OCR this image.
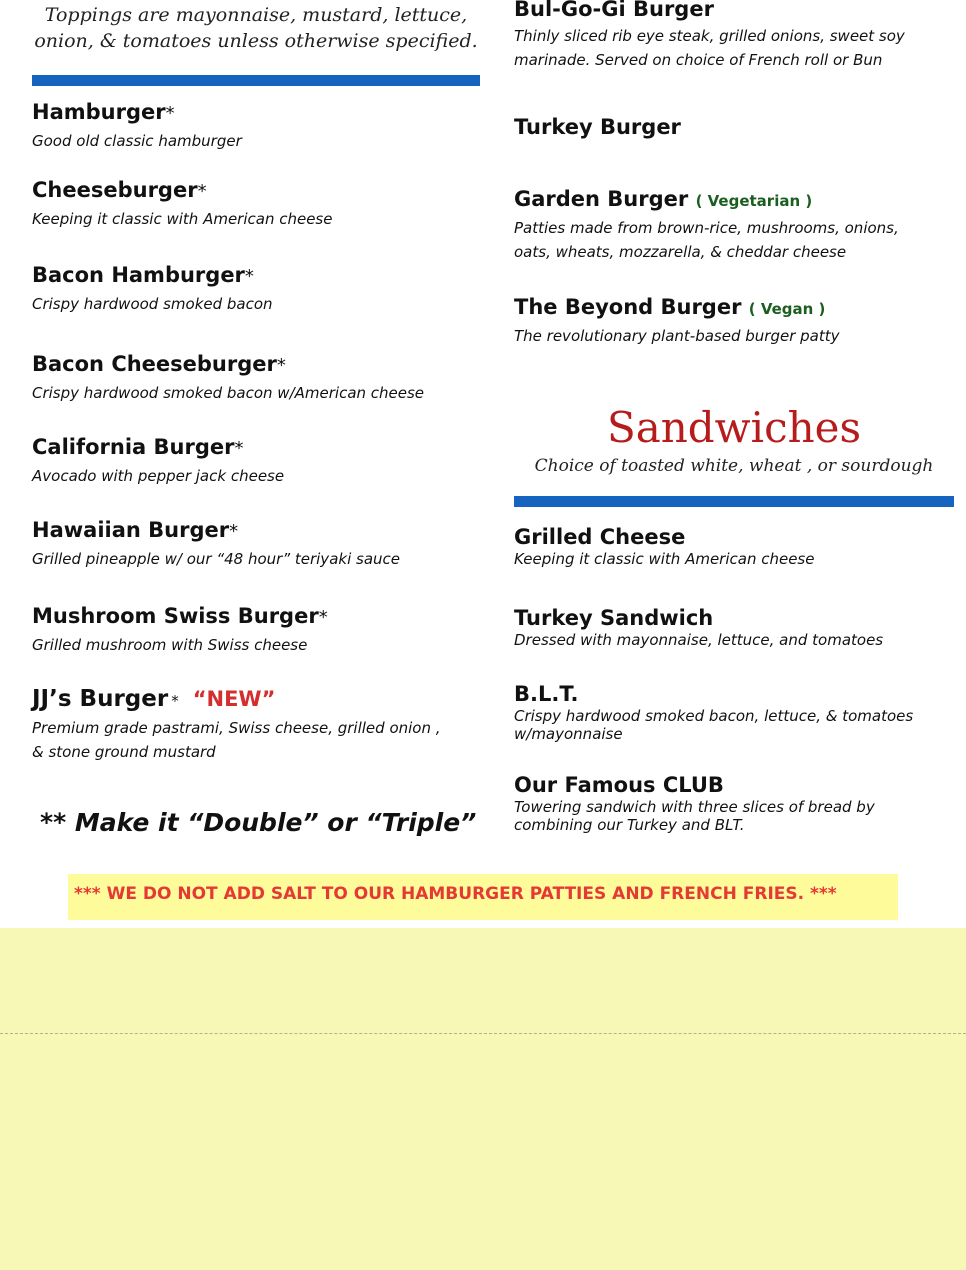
Toppings are mayonnaise, mustard, lettuce,
onion, & tomatoes unless otherwise specified.
Hamburger*
Good old classic hamburger
Cheeseburger*
Keeping it classic with American cheese
Bacon Hamburger*
Crispy hardwood smoked bacon
Bacon Cheeseburger*
Crispy hardwood smoked bacon w/American cheese
California Burger*
Avocado with pepper jack cheese
Hawaiian Burger*
Grilled pineapple w/ our “48 hour” teriyaki sauce
Mushroom Swiss Burger*
Grilled mushroom with Swiss cheese
JJ’s Burger * “NEW”
Premium grade pastrami, Swiss cheese, grilled onion ,
& stone ground mustard
** Make it “Double” or “Triple”
Bul-Go-Gi Burger
Thinly sliced rib eye steak, grilled onions, sweet soy
marinade. Served on choice of French roll or Bun
Turkey Burger
Garden Burger ( Vegetarian )
Patties made from brown-rice, mushrooms, onions,
oats, wheats, mozzarella, & cheddar cheese
The Beyond Burger ( Vegan )
The revolutionary plant-based burger patty
Sandwiches
Choice of toasted white, wheat , or sourdough
Grilled Cheese
Keeping it classic with American cheese
Turkey Sandwich
Dressed with mayonnaise, lettuce, and tomatoes
B.L.T.
Crispy hardwood smoked bacon, lettuce, & tomatoes
w/mayonnaise
Our Famous CLUB
Towering sandwich with three slices of bread by
combining our Turkey and BLT.
*** WE DO NOT ADD SALT TO OUR HAMBURGER PATTIES AND FRENCH FRIES. ***
